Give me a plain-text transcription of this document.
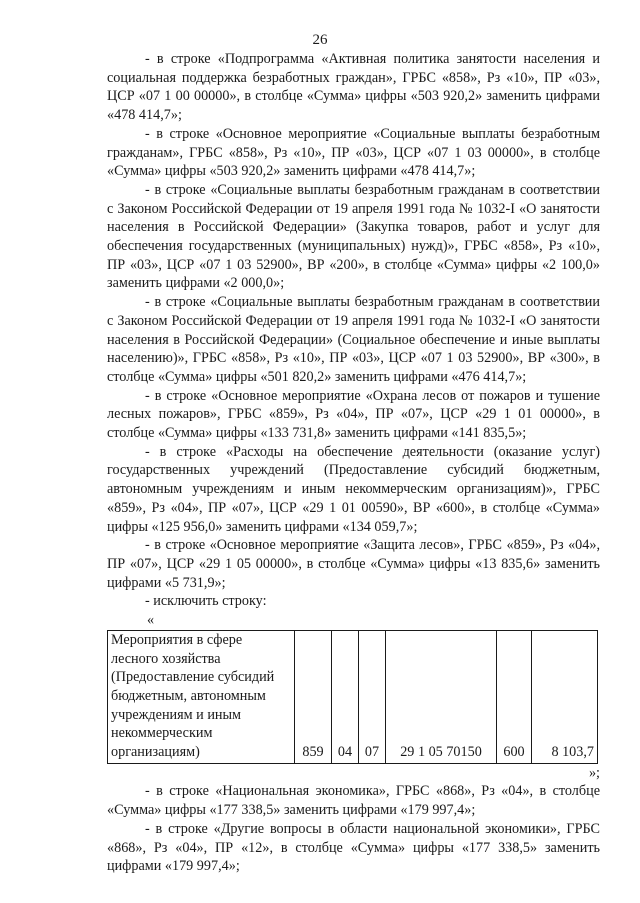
26

- в строке «Подпрограмма «Активная политика занятости населения и социальная поддержка безработных граждан», ГРБС «858», Рз «10», ПР «03», ЦСР «07 1 00 00000», в столбце «Сумма» цифры «503 920,2» заменить цифрами «478 414,7»;

- в строке «Основное мероприятие «Социальные выплаты безработным гражданам», ГРБС «858», Рз «10», ПР «03», ЦСР «07 1 03 00000», в столбце «Сумма» цифры «503 920,2» заменить цифрами «478 414,7»;

- в строке «Социальные выплаты безработным гражданам в соответствии с Законом Российской Федерации от 19 апреля 1991 года № 1032-I «О занятости населения в Российской Федерации» (Закупка товаров, работ и услуг для обеспечения государственных (муниципальных) нужд)», ГРБС «858», Рз «10», ПР «03», ЦСР «07 1 03 52900», ВР «200», в столбце «Сумма» цифры «2 100,0» заменить цифрами «2 000,0»;

- в строке «Социальные выплаты безработным гражданам в соответствии с Законом Российской Федерации от 19 апреля 1991 года № 1032-I «О занятости населения в Российской Федерации» (Социальное обеспечение и иные выплаты населению)», ГРБС «858», Рз «10», ПР «03», ЦСР «07 1 03 52900», ВР «300», в столбце «Сумма» цифры «501 820,2» заменить цифрами «476 414,7»;

- в строке «Основное мероприятие «Охрана лесов от пожаров и тушение лесных пожаров», ГРБС «859», Рз «04», ПР «07», ЦСР «29 1 01 00000», в столбце «Сумма» цифры «133 731,8» заменить цифрами «141 835,5»;

- в строке «Расходы на обеспечение деятельности (оказание услуг) государственных учреждений (Предоставление субсидий бюджетным, автономным учреждениям и иным некоммерческим организациям)», ГРБС «859», Рз «04», ПР «07», ЦСР «29 1 01 00590», ВР «600», в столбце «Сумма» цифры «125 956,0» заменить цифрами «134 059,7»;

- в строке «Основное мероприятие «Защита лесов», ГРБС «859», Рз «04», ПР «07», ЦСР «29 1 05 00000», в столбце «Сумма» цифры «13 835,6» заменить цифрами «5 731,9»;

- исключить строку:

«

Мероприятия в сфере лесного хозяйства (Предоставление субсидий бюджетным, автономным учреждениям и иным некоммерческим организациям)	859	04	07	29 1 05 70150	600	8 103,7

»;

- в строке «Национальная экономика», ГРБС «868», Рз «04», в столбце «Сумма» цифры «177 338,5» заменить цифрами «179 997,4»;

- в строке «Другие вопросы в области национальной экономики», ГРБС «868», Рз «04», ПР «12», в столбце «Сумма» цифры «177 338,5» заменить цифрами «179 997,4»;
